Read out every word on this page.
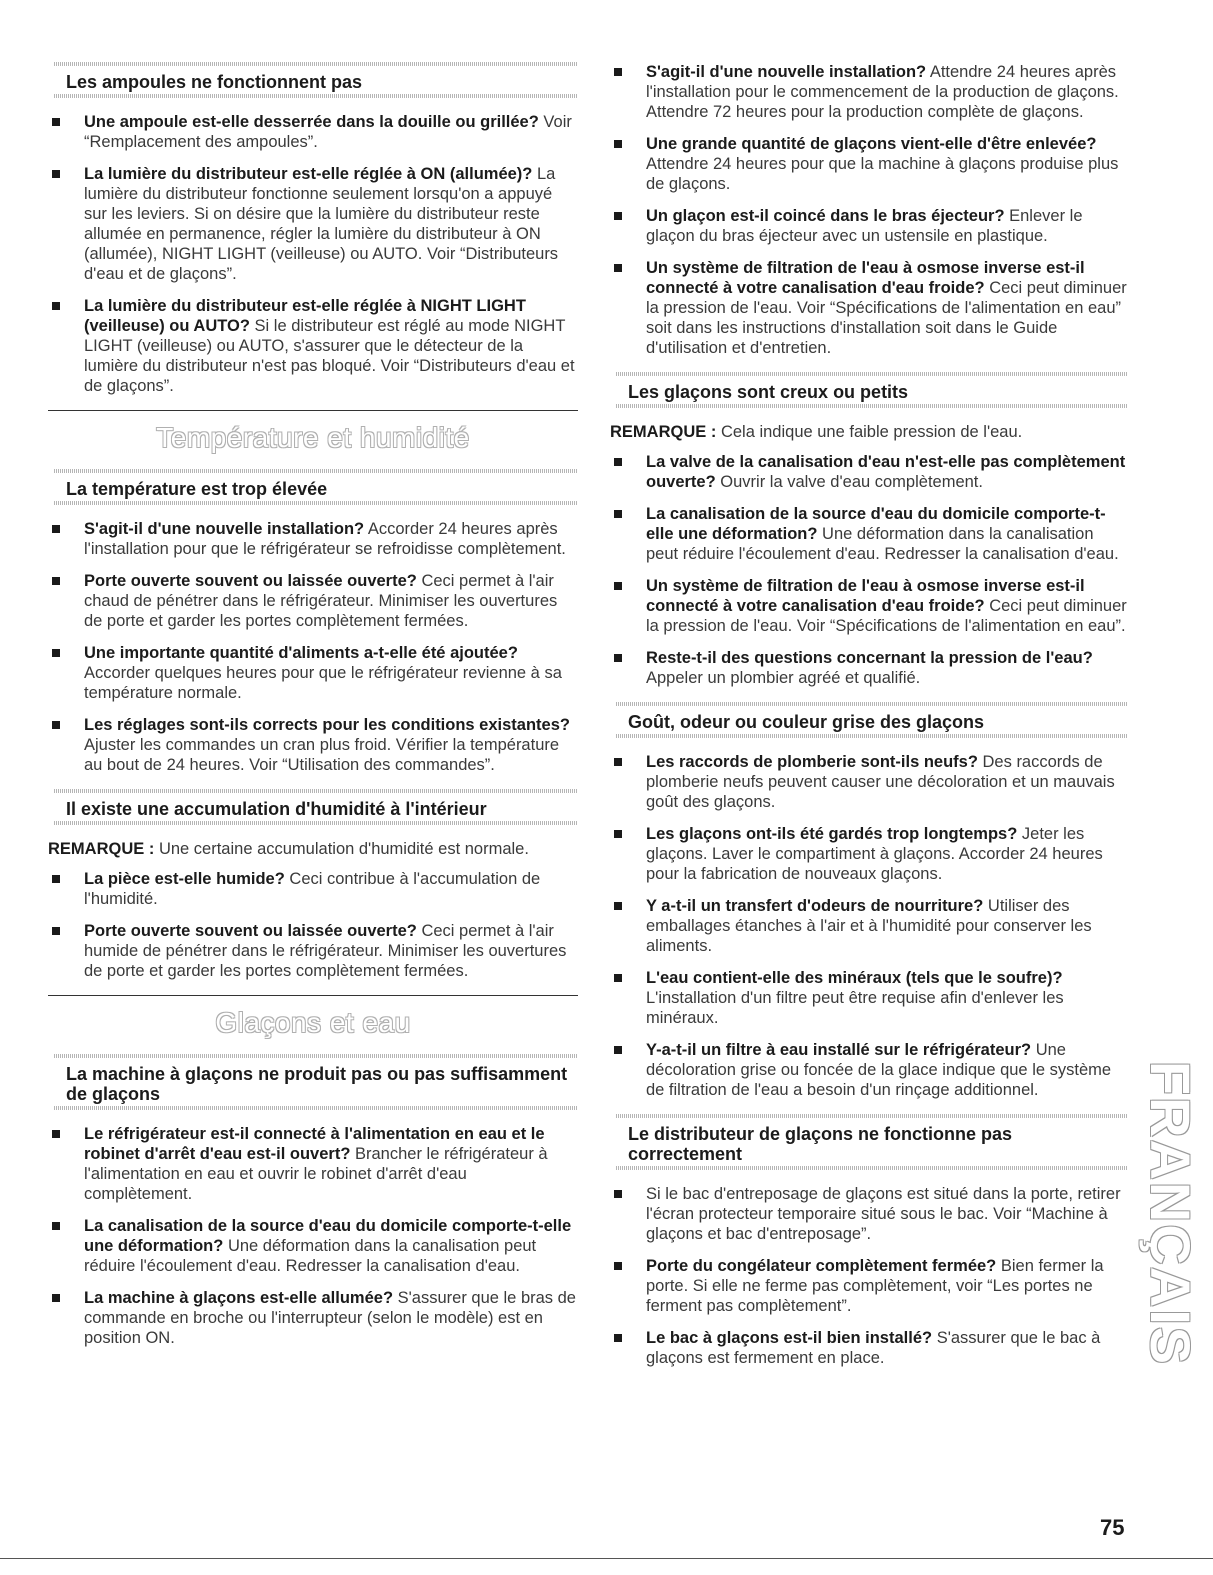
Les ampoules ne fonctionnent pas
Une ampoule est-elle desserrée dans la douille ou grillée? Voir “Remplacement des ampoules”.
La lumière du distributeur est-elle réglée à ON (allumée)? La lumière du distributeur fonctionne seulement lorsqu'on a appuyé sur les leviers. Si on désire que la lumière du distributeur reste allumée en permanence, régler la lumière du distributeur à ON (allumée), NIGHT LIGHT (veilleuse) ou AUTO. Voir “Distributeurs d'eau et de glaçons”.
La lumière du distributeur est-elle réglée à NIGHT LIGHT (veilleuse) ou AUTO? Si le distributeur est réglé au mode NIGHT LIGHT (veilleuse) ou AUTO, s'assurer que le détecteur de la lumière du distributeur n'est pas bloqué. Voir “Distributeurs d'eau et de glaçons”.
Température et humidité
La température est trop élevée
S'agit-il d'une nouvelle installation? Accorder 24 heures après l'installation pour que le réfrigérateur se refroidisse complètement.
Porte ouverte souvent ou laissée ouverte? Ceci permet à l'air chaud de pénétrer dans le réfrigérateur. Minimiser les ouvertures de porte et garder les portes complètement fermées.
Une importante quantité d'aliments a-t-elle été ajoutée? Accorder quelques heures pour que le réfrigérateur revienne à sa température normale.
Les réglages sont-ils corrects pour les conditions existantes? Ajuster les commandes un cran plus froid. Vérifier la température au bout de 24 heures. Voir “Utilisation des commandes”.
Il existe une accumulation d'humidité à l'intérieur

REMARQUE : Une certaine accumulation d'humidité est normale.

La pièce est-elle humide? Ceci contribue à l'accumulation de l'humidité.
Porte ouverte souvent ou laissée ouverte? Ceci permet à l'air humide de pénétrer dans le réfrigérateur. Minimiser les ouvertures de porte et garder les portes complètement fermées.
Glaçons et eau
La machine à glaçons ne produit pas ou pas suffisamment de glaçons
Le réfrigérateur est-il connecté à l'alimentation en eau et le robinet d'arrêt d'eau est-il ouvert? Brancher le réfrigérateur à l'alimentation en eau et ouvrir le robinet d'arrêt d'eau complètement.
La canalisation de la source d'eau du domicile comporte-t-elle une déformation? Une déformation dans la canalisation peut réduire l'écoulement d'eau. Redresser la canalisation d'eau.
La machine à glaçons est-elle allumée? S'assurer que le bras de commande en broche ou l'interrupteur (selon le modèle) est en position ON.
S'agit-il d'une nouvelle installation? Attendre 24 heures après l'installation pour le commencement de la production de glaçons. Attendre 72 heures pour la production complète de glaçons.
Une grande quantité de glaçons vient-elle d'être enlevée? Attendre 24 heures pour que la machine à glaçons produise plus de glaçons.
Un glaçon est-il coincé dans le bras éjecteur? Enlever le glaçon du bras éjecteur avec un ustensile en plastique.
Un système de filtration de l'eau à osmose inverse est-il connecté à votre canalisation d'eau froide? Ceci peut diminuer la pression de l'eau. Voir “Spécifications de l'alimentation en eau” soit dans les instructions d'installation soit dans le Guide d'utilisation et d'entretien.
Les glaçons sont creux ou petits

REMARQUE : Cela indique une faible pression de l'eau.

La valve de la canalisation d'eau n'est-elle pas complètement ouverte? Ouvrir la valve d'eau complètement.
La canalisation de la source d'eau du domicile comporte-t-elle une déformation? Une déformation dans la canalisation peut réduire l'écoulement d'eau. Redresser la canalisation d'eau.
Un système de filtration de l'eau à osmose inverse est-il connecté à votre canalisation d'eau froide? Ceci peut diminuer la pression de l'eau. Voir “Spécifications de l'alimentation en eau”.
Reste-t-il des questions concernant la pression de l'eau? Appeler un plombier agréé et qualifié.
Goût, odeur ou couleur grise des glaçons
Les raccords de plomberie sont-ils neufs? Des raccords de plomberie neufs peuvent causer une décoloration et un mauvais goût des glaçons.
Les glaçons ont-ils été gardés trop longtemps? Jeter les glaçons. Laver le compartiment à glaçons. Accorder 24 heures pour la fabrication de nouveaux glaçons.
Y a-t-il un transfert d'odeurs de nourriture? Utiliser des emballages étanches à l'air et à l'humidité pour conserver les aliments.
L'eau contient-elle des minéraux (tels que le soufre)? L'installation d'un filtre peut être requise afin d'enlever les minéraux.
Y-a-t-il un filtre à eau installé sur le réfrigérateur? Une décoloration grise ou foncée de la glace indique que le système de filtration de l'eau a besoin d'un rinçage additionnel.
Le distributeur de glaçons ne fonctionne pas correctement
Si le bac d'entreposage de glaçons est situé dans la porte, retirer l'écran protecteur temporaire situé sous le bac. Voir “Machine à glaçons et bac d'entreposage”.
Porte du congélateur complètement fermée? Bien fermer la porte. Si elle ne ferme pas complètement, voir “Les portes ne ferment pas complètement”.
Le bac à glaçons est-il bien installé? S'assurer que le bac à glaçons est fermement en place.	FRANÇAIS
75
